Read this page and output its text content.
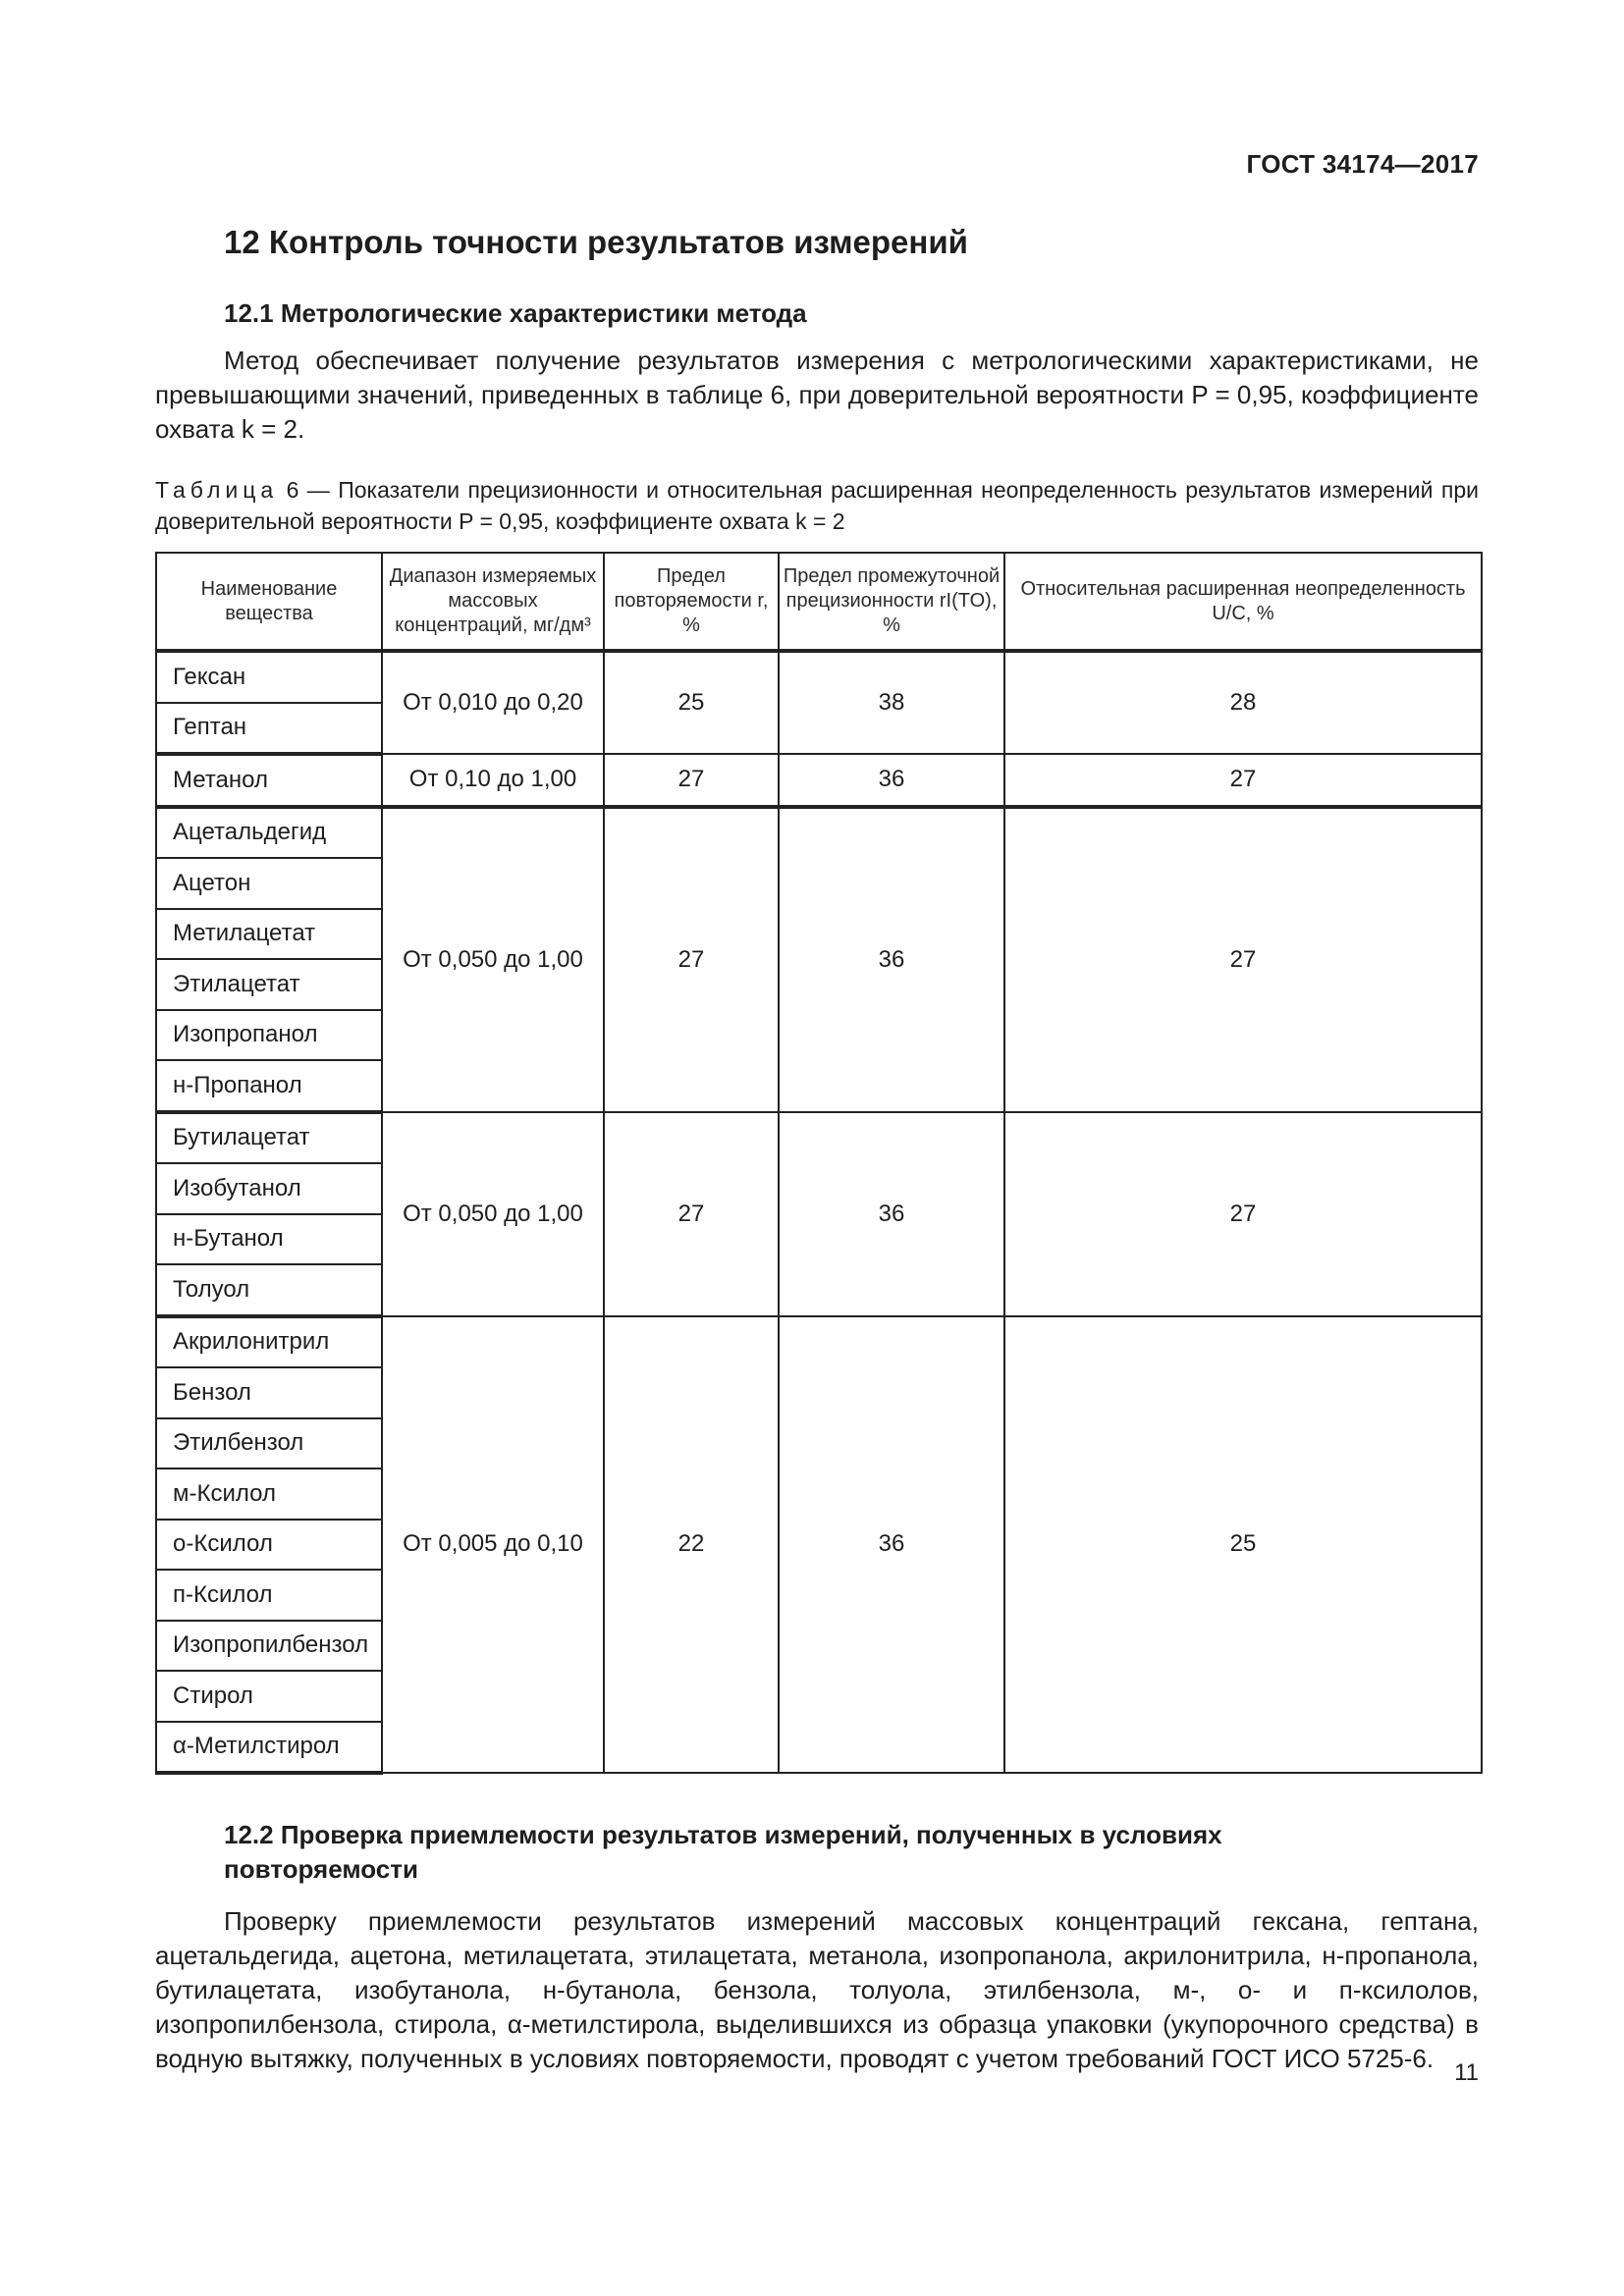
ГОСТ 34174—2017
12 Контроль точности результатов измерений
12.1 Метрологические характеристики метода

Метод обеспечивает получение результатов измерения с метрологическими характеристиками, не превышающими значений, приведенных в таблице 6, при доверительной вероятности P = 0,95, коэффициенте охвата k = 2.

Таблица 6 — Показатели прецизионности и относительная расширенная неопределенность результатов измерений при доверительной вероятности P = 0,95, коэффициенте охвата k = 2
Наименование вещества	Диапазон измеряемых массовых концентраций, мг/дм³	Предел повторяемости r, %	Предел промежуточной прецизионности rI(TO), %	Относительная расширенная неопределенность U/C, %
Гексан	От 0,010 до 0,20	25	38	28
Гептан				
Метанол	От 0,10 до 1,00	27	36	27
Ацетальдегид	От 0,050 до 1,00	27	36	27
Ацетон				
Метилацетат				
Этилацетат				
Изопропанол				
н-Пропанол				
Бутилацетат	От 0,050 до 1,00	27	36	27
Изобутанол				
н-Бутанол				
Толуол				
Акрилонитрил	От 0,005 до 0,10	22	36	25
Бензол				
Этилбензол				
м-Ксилол				
о-Ксилол				
п-Ксилол				
Изопропилбензол				
Стирол				
α-Метилстирол				
12.2 Проверка приемлемости результатов измерений, полученных в условиях повторяемости

Проверку приемлемости результатов измерений массовых концентраций гексана, гептана, ацетальдегида, ацетона, метилацетата, этилацетата, метанола, изопропанола, акрилонитрила, н-пропанола, бутилацетата, изобутанола, н-бутанола, бензола, толуола, этилбензола, м-, о- и п-ксилолов, изопропилбензола, стирола, α-метилстирола, выделившихся из образца упаковки (укупорочного средства) в водную вытяжку, полученных в условиях повторяемости, проводят с учетом требований ГОСТ ИСО 5725-6. 11
